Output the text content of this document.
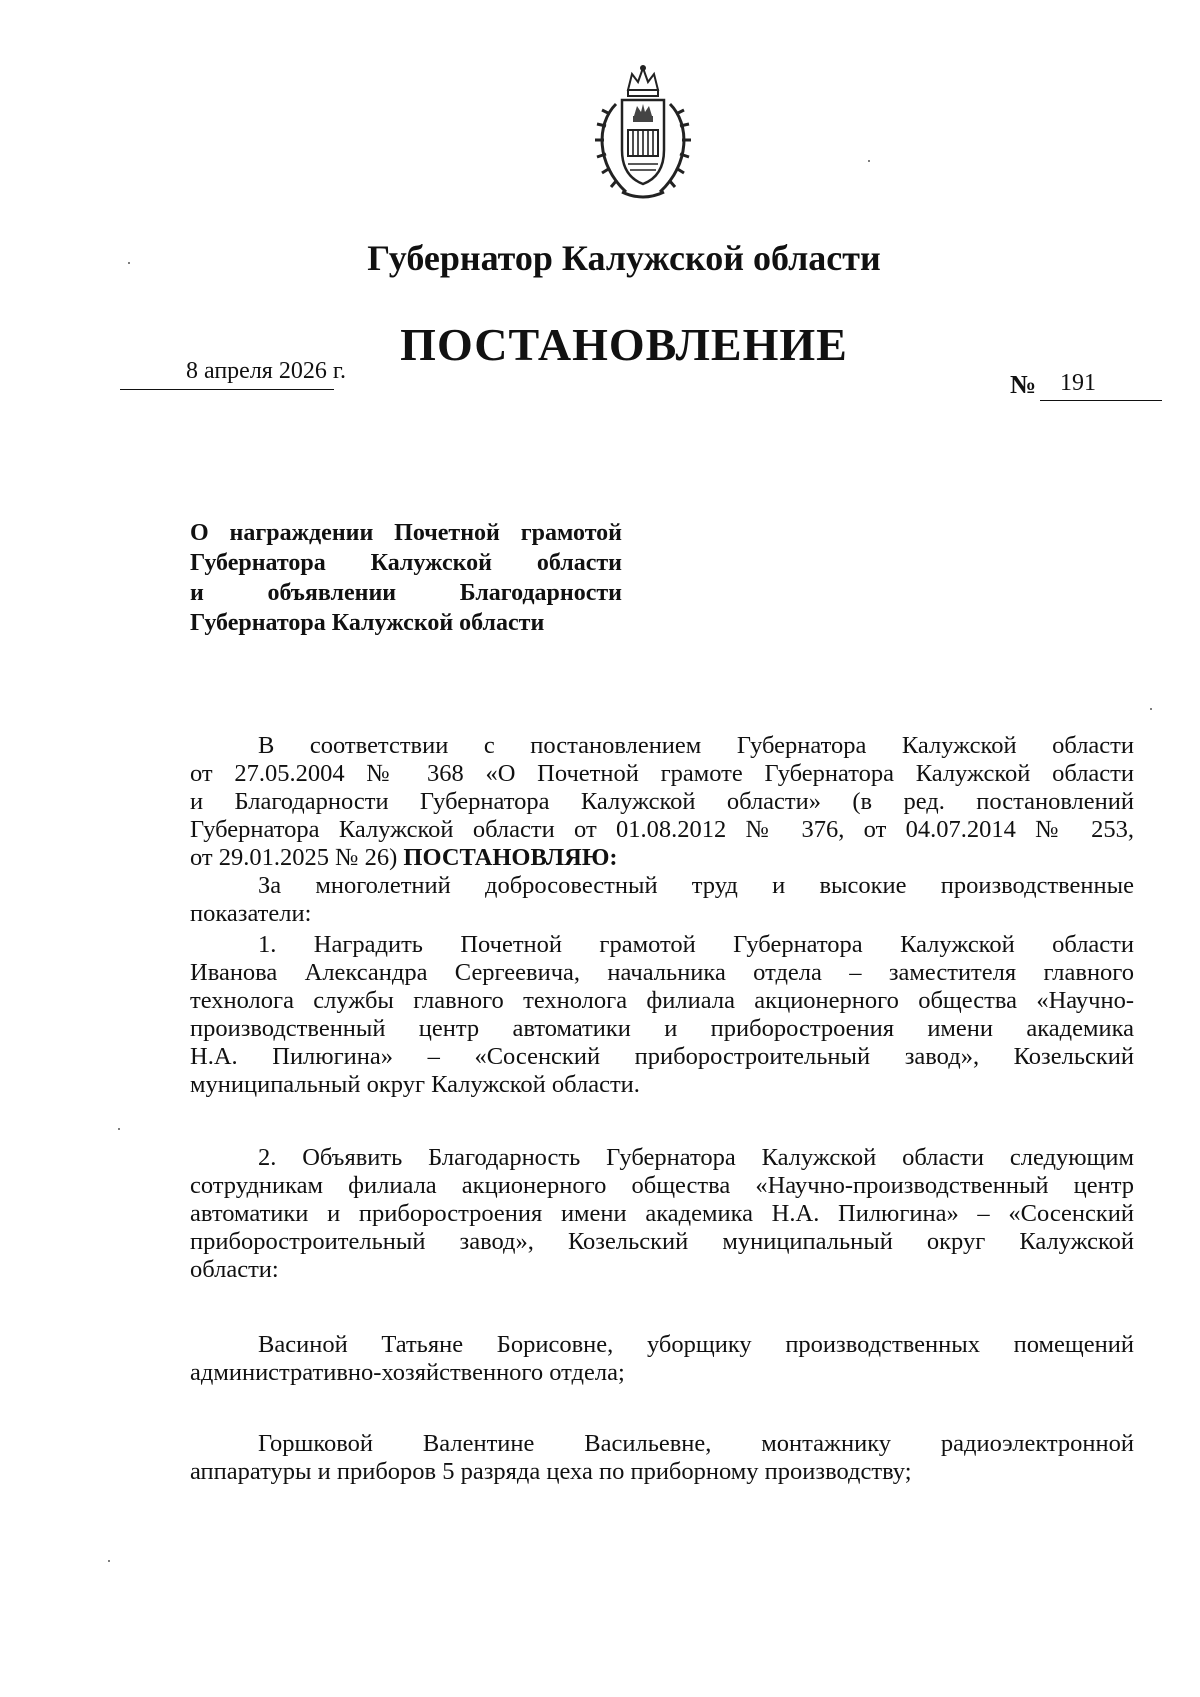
Губернатор Калужской области
ПОСТАНОВЛЕНИЕ
8 апреля 2026 г.	№ 191
О награждении Почетной грамотой
Губернатора Калужской области
и объявлении Благодарности
Губернатора Калужской области
В соответствии с постановлением Губернатора Калужской области
от 27.05.2004 № 368 «О Почетной грамоте Губернатора Калужской области
и Благодарности Губернатора Калужской области» (в ред. постановлений
Губернатора Калужской области от 01.08.2012 № 376, от 04.07.2014 № 253,
от 29.01.2025 № 26) ПОСТАНОВЛЯЮ:
За многолетний добросовестный труд и высокие производственные
показатели:
1. Наградить Почетной грамотой Губернатора Калужской области
Иванова Александра Сергеевича, начальника отдела – заместителя главного
технолога службы главного технолога филиала акционерного общества «Научно-
производственный центр автоматики и приборостроения имени академика
Н.А. Пилюгина» – «Сосенский приборостроительный завод», Козельский
муниципальный округ Калужской области.
2. Объявить Благодарность Губернатора Калужской области следующим
сотрудникам филиала акционерного общества «Научно-производственный центр
автоматики и приборостроения имени академика Н.А. Пилюгина» – «Сосенский
приборостроительный завод», Козельский муниципальный округ Калужской
области:
Васиной Татьяне Борисовне, уборщику производственных помещений
административно-хозяйственного отдела;
Горшковой Валентине Васильевне, монтажнику радиоэлектронной
аппаратуры и приборов 5 разряда цеха по приборному производству;
